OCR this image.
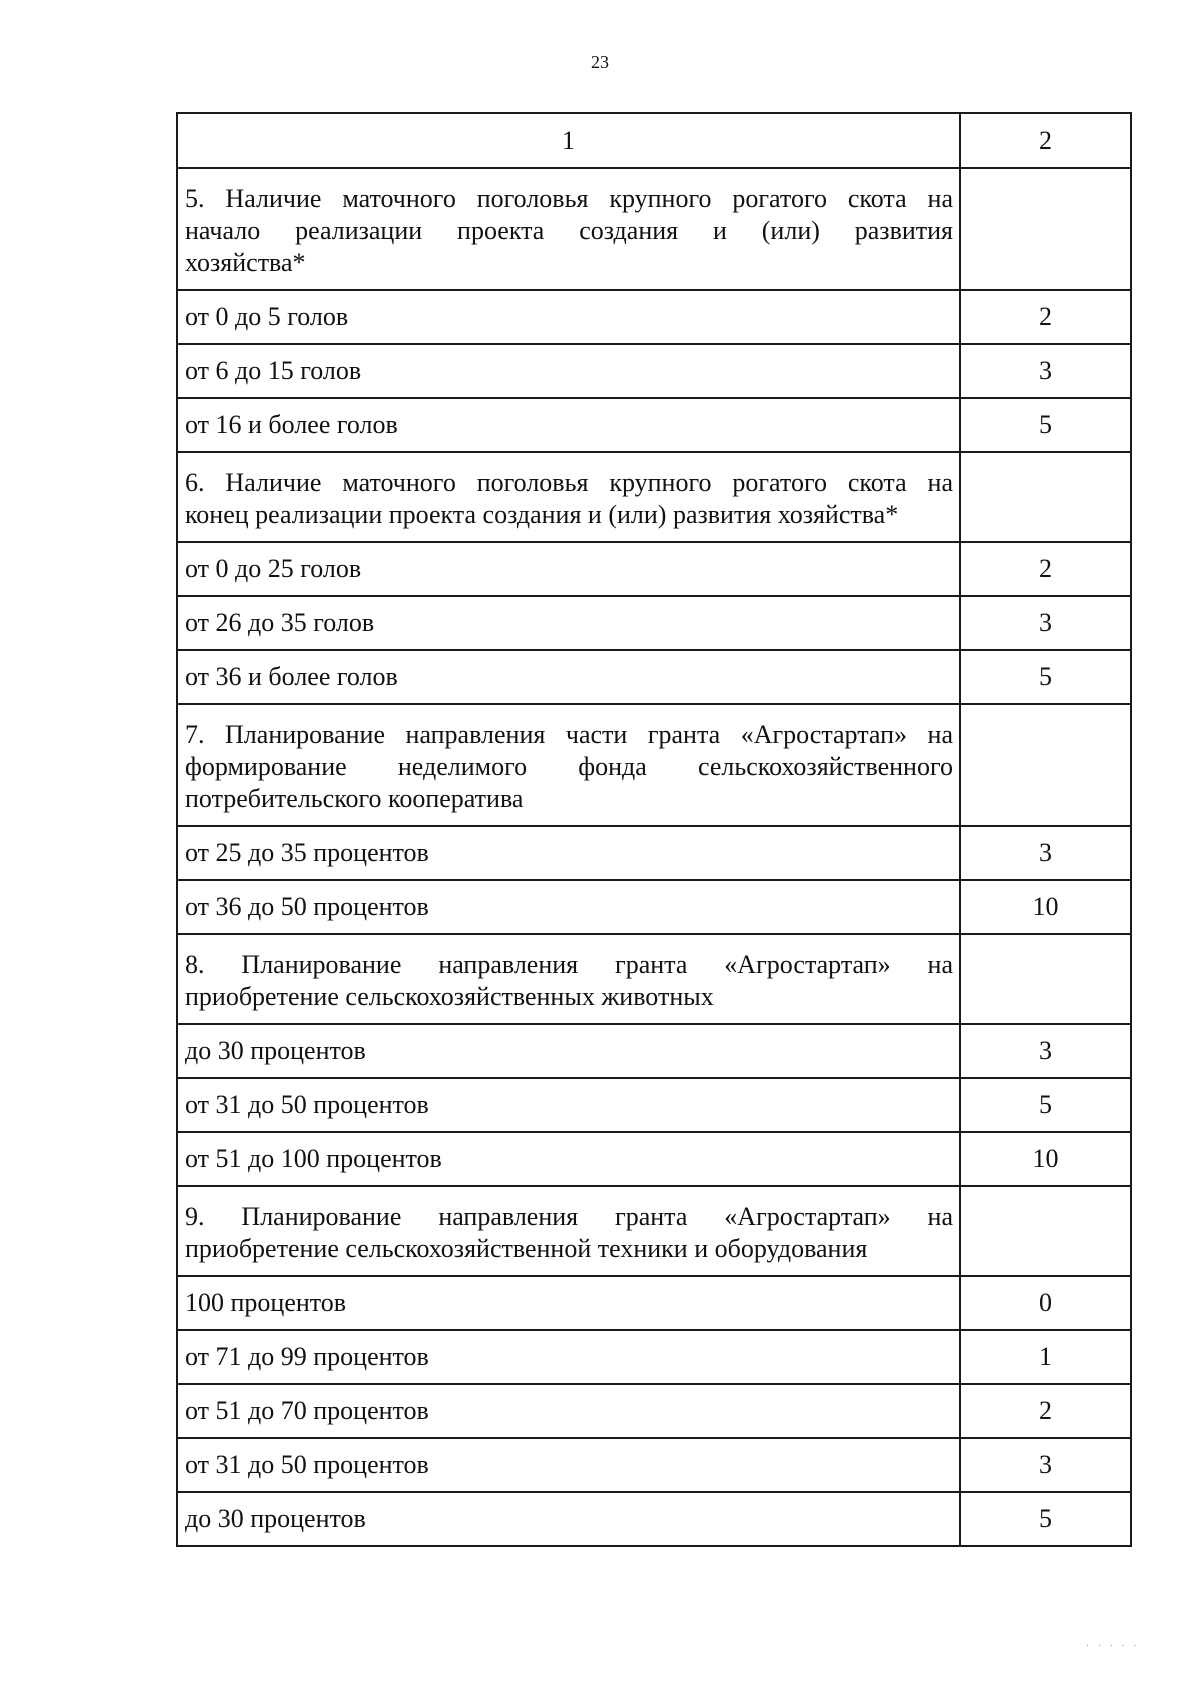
23
1	2

5. Наличие маточного поголовья крупного рогатого скота на
начало реализации проекта создания и (или) развития
хозяйства*	

от 0 до 5 голов	2
от 6 до 15 голов	3
от 16 и более голов	5

6. Наличие маточного поголовья крупного рогатого скота на
конец реализации проекта создания и (или) развития хозяйства*	

от 0 до 25 голов	2
от 26 до 35 голов	3
от 36 и более голов	5

7. Планирование направления части гранта «Агростартап» на
формирование неделимого фонда сельскохозяйственного
потребительского кооператива	

от 25 до 35 процентов	3
от 36 до 50 процентов	10

8. Планирование направления гранта «Агростартап» на
приобретение сельскохозяйственных животных	

до 30 процентов	3
от 31 до 50 процентов	5
от 51 до 100 процентов	10

9. Планирование направления гранта «Агростартап» на
приобретение сельскохозяйственной техники и оборудования	

100 процентов	0
от 71 до 99 процентов	1
от 51 до 70 процентов	2
от 31 до 50 процентов	3
до 30 процентов	5
· · · · ·
